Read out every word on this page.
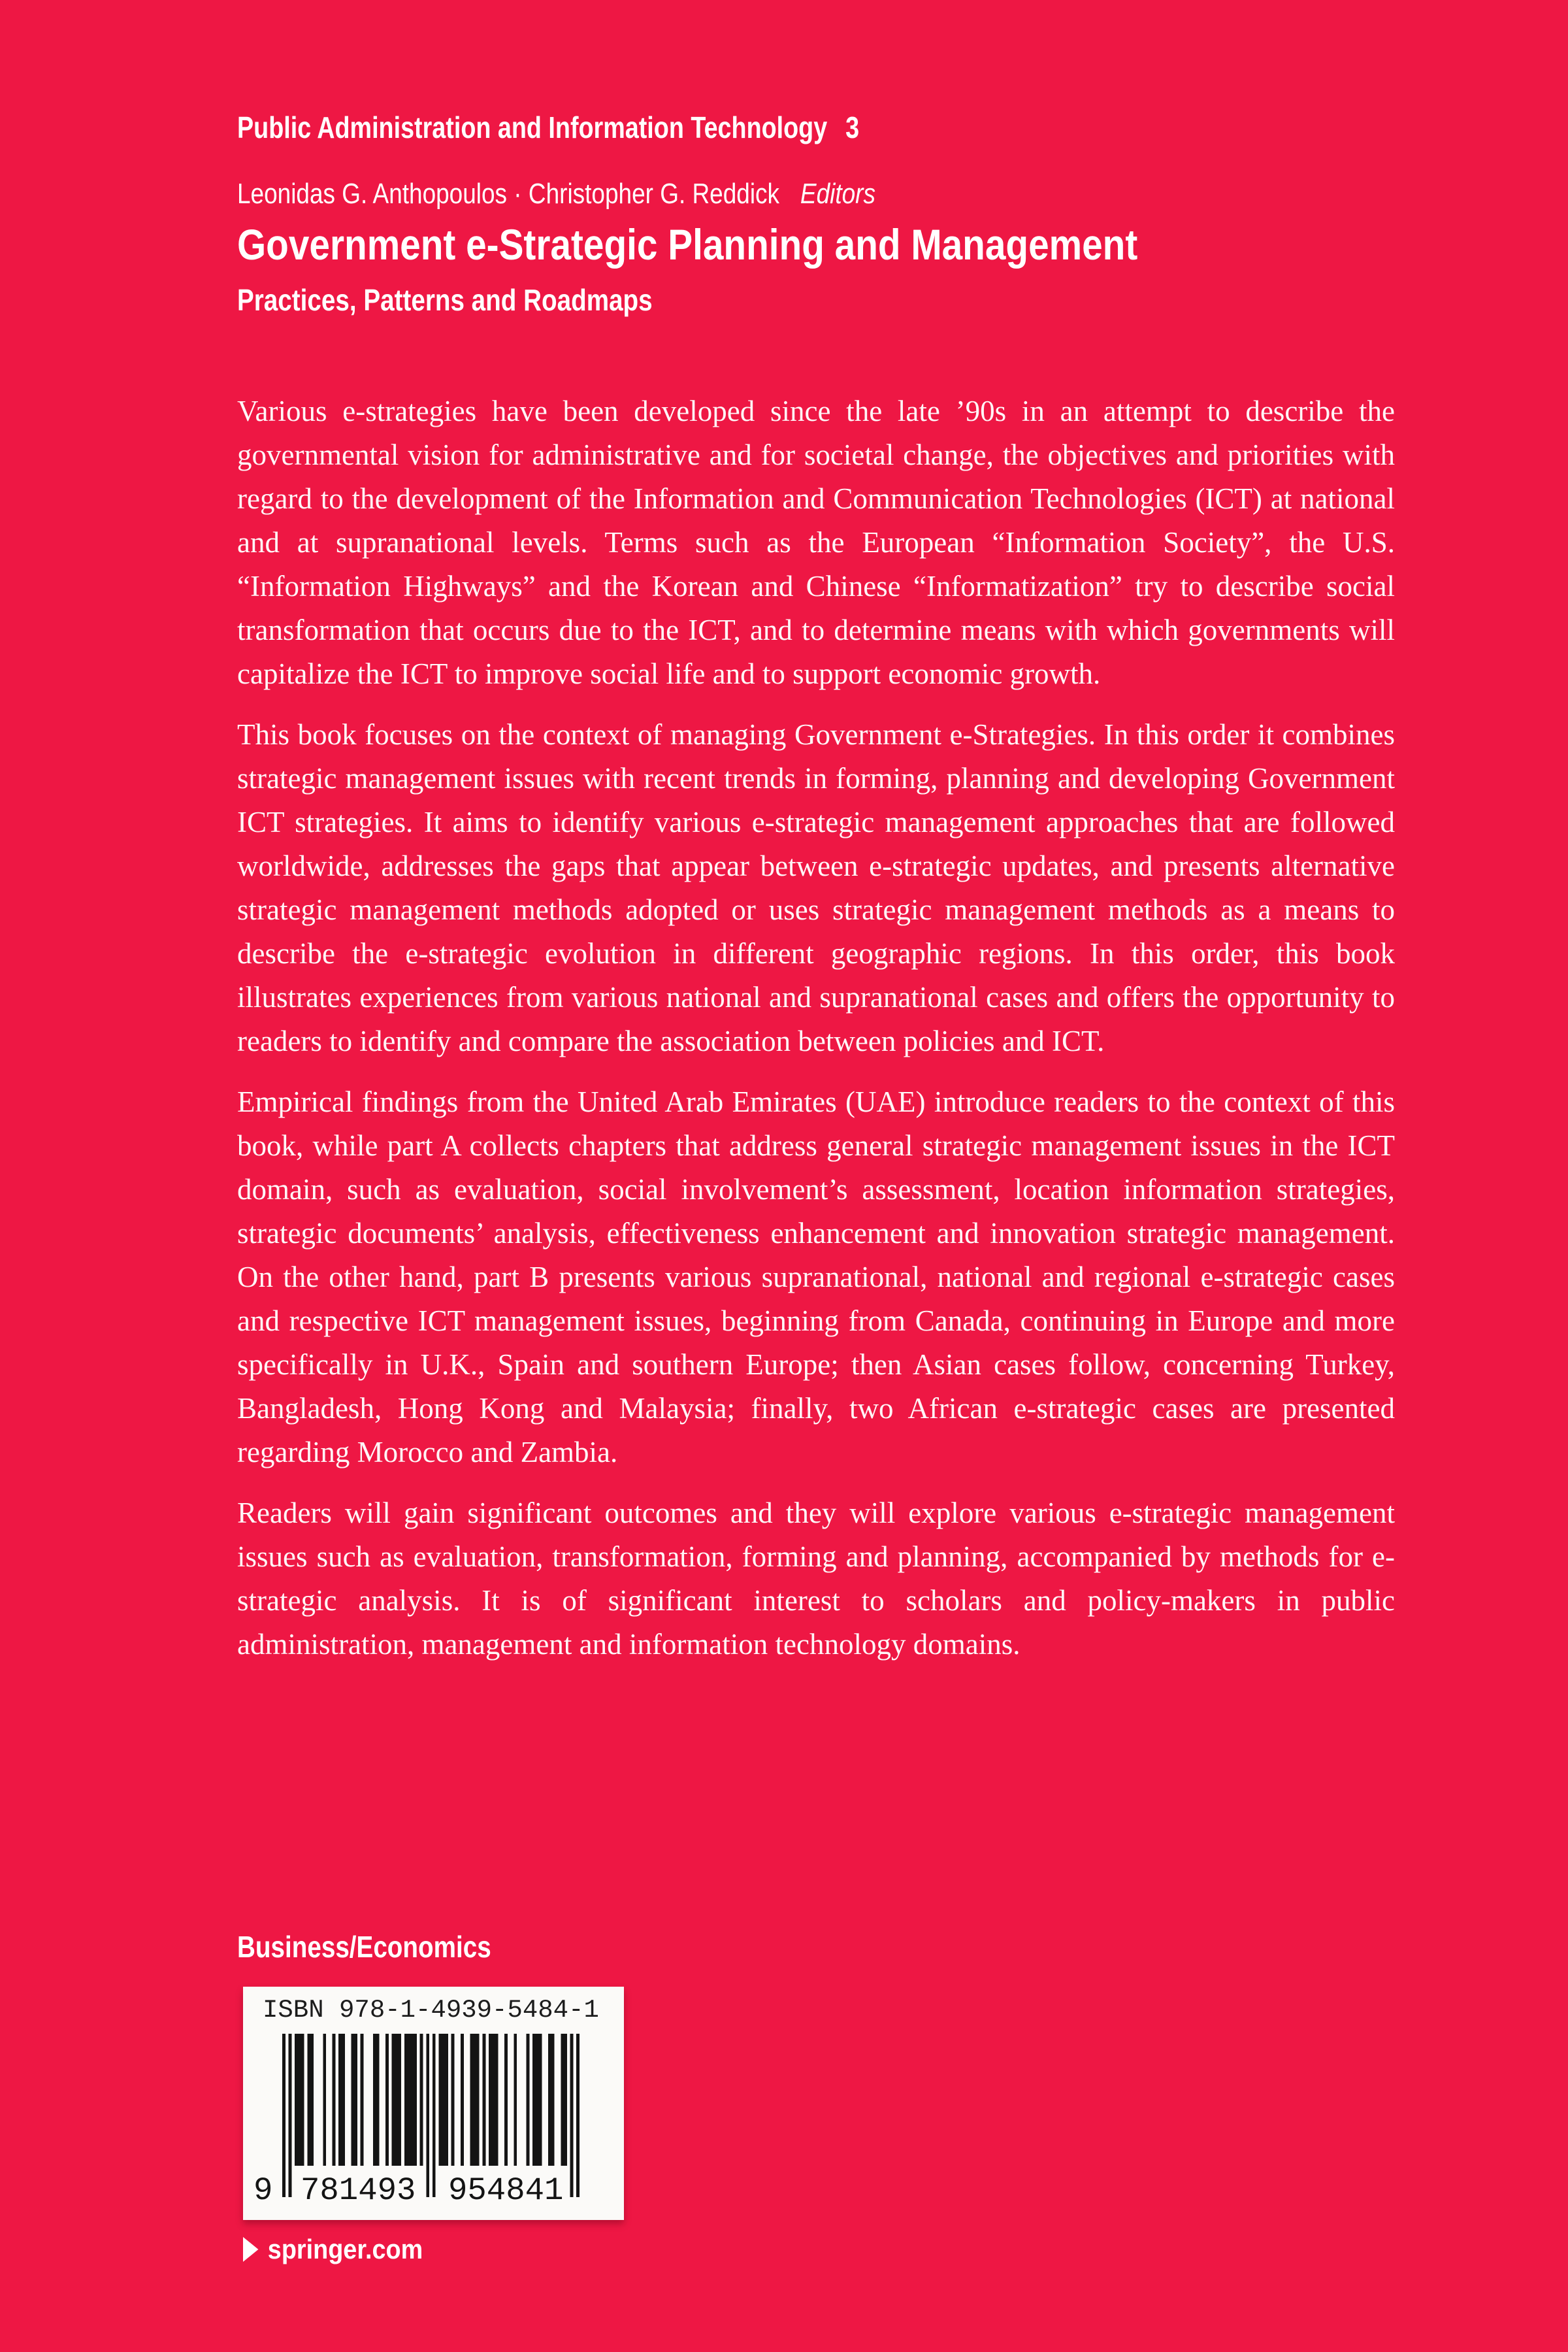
Public Administration and Information Technology 3
Leonidas G. Anthopoulos · Christopher G. Reddick Editors
Government e-Strategic Planning and Management
Practices, Patterns and Roadmaps

Various e-strategies have been developed since the late ’90s in an attempt to describe the governmental vision for administrative and for societal change, the objectives and priorities with regard to the development of the Information and Communication Technologies (ICT) at national and at supranational levels. Terms such as the European “Information Society”, the U.S. “Information Highways” and the Korean and Chinese “Informatization” try to describe social transformation that occurs due to the ICT, and to determine means with which governments will capitalize the ICT to improve social life and to support economic growth.

This book focuses on the context of managing Government e-Strategies. In this order it combines strategic management issues with recent trends in forming, planning and developing Government ICT strategies. It aims to identify various e-strategic management approaches that are followed worldwide, addresses the gaps that appear between e-strategic updates, and presents alternative strategic management methods adopted or uses strategic management methods as a means to describe the e-strategic evolution in different geographic regions. In this order, this book illustrates experiences from various national and supranational cases and offers the opportunity to readers to identify and compare the association between policies and ICT.

Empirical findings from the United Arab Emirates (UAE) introduce readers to the context of this book, while part A collects chapters that address general strategic management issues in the ICT domain, such as evaluation, social involvement’s assessment, location information strategies, strategic documents’ analysis, effectiveness enhancement and innovation strategic management. On the other hand, part B presents various supranational, national and regional e-strategic cases and respective ICT management issues, beginning from Canada, continuing in Europe and more specifically in U.K., Spain and southern Europe; then Asian cases follow, concerning Turkey, Bangladesh, Hong Kong and Malaysia; finally, two African e-strategic cases are presented regarding Morocco and Zambia.

Readers will gain significant outcomes and they will explore various e-strategic management issues such as evaluation, transformation, forming and planning, accompanied by methods for e-strategic analysis. It is of significant interest to scholars and policy-makers in public administration, management and information technology domains.

Business/Economics
ISBN 978-1-4939-5484-1
9 781493 954841
springer.com
